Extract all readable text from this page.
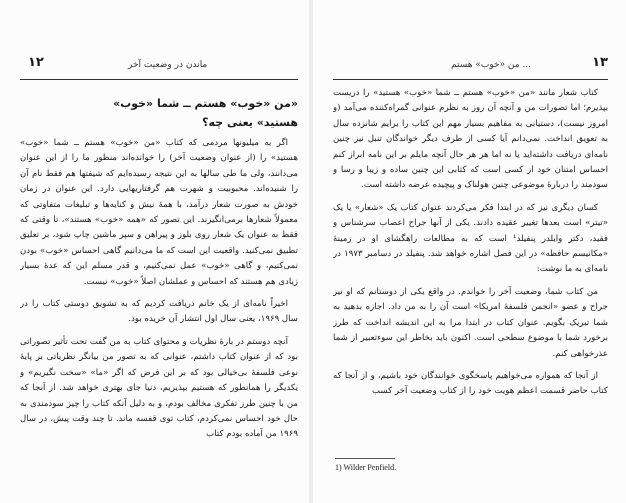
۱۲	ماندن در وضعیت آخر
«من «خوب» هستم ــ شما «خوب» هستید» یعنی چه؟

اگر به میلیونها مردمی که کتاب «من «خوب» هستم ــ شما «خوب» هستید» را (از عنوان وضعیت آخر) را خوانده‌اند منظور ما را از این عنوان می‌دانند، ولی ما طی سالها به این نتیجه رسیده‌ایم که شیفتها هم فقط نام آن را شنیده‌اند. محبوبیت و شهرت هم گرفتاریهایی دارد. این عنوان در زمان خودش به صورت شعار درآمد، با همهٔ نیش و کنایه‌ها و تبلیغات متفاوتی که معمولاً شعارها برمی‌انگیزند. این تصور که «همه «خوب» هستند»، تا وقتی که فقط به عنوان یک شعار روی بلوز و پیراهن و سپر ماشین چاپ شود، بر تعلیق تطبیق نمی‌کنید. واقعیت این است که ما می‌دانیم گاهی احساس «خوب» بودن نمی‌کنیم، و گاهی «خوب» عمل نمی‌کنیم، و قدر مسلم این که عدهٔ بسیار زیادی هم هستند که احساس و عملشان اصلاً «خوب» نیست.

اخیراً نامه‌ای از یک خانم دریافت کردیم که به تشویق دوستی کتاب را در سال ۱۹۶۹، یعنی سال اول انتشار آن خریده بود.

آنچه دوستم در بارهٔ نظریات و محتوای کتاب به من گفت تحت تأثیر تصوراتی بود که از عنوان کتاب داشتم، عنوانی که به تصور من بیانگر نظریاتی بر پایهٔ نوعی فلسفهٔ بی‌خیالی بود که بر این فرض که اگر «ما» «سخت نگیریم» و یکدیگر را همانطور که هستیم بپذیریم، دنیا جای بهتری خواهد شد. از آنجا که من با چنین طرز تفکری مخالف بودم، و به دلیل آنکه کتاب را چیز سودمندی به حال خود احساس نمی‌کردم، کتاب توی قفسه ماند. تا چند وقت پیش، در سال ۱۹۶۹ من آماده بودم کتاب

۱۳
من «خوب» هستم ...

کتاب شعار مانند «من «خوب» هستم ــ شما «خوب» هستید» را دریست بپذیرم؛ اما تصورات من و آنچه آن روز به نظرم عنوانی گمراه‌کننده می‌آمد (و امروز نیست)، دستیابی به مفاهیم بسیار مهم این کتاب را برایم شانزده سال به تعویق انداخت. نمی‌دانم آیا کسی از طرف دیگر خواندگان تنبل نیز چنین نامه‌ای دریافت داشته‌اید یا نه اما هر هر حال آنچه مایلم بر این نامه ابراز کنم احساس امتنان خود از کسی است که کتابی این چنین ساده و زیبا و رسا و سودمند را دربارهٔ موضوعی چنین هولناک و پیچیده عرضه داشته است.

کسان دیگری نیز که در ابتدا فکر می‌کردند عنوان کتاب یک «شعار» یا یک «تیتر» است بعدها تغییر عقیده دادند. یکی از آنها جراح اعصاب سرشناس و فقید، دکتر وایلدر پنفیلد¹ است که به مطالعات راهگشای او در زمینهٔ «مکانیسم حافظه» در این فصل اشاره خواهد شد. پنفیلد در دسامبر ۱۹۷۳ در نامه‌ای به ما نوشت:

من کتاب شما، وضعیت آخر را خواندم. در واقع یکی از دوستانم که او نیز جراح و عضو «انجمن فلسفهٔ امریکا» است آن را به من داد. اجازه بدهید به شما تبریک بگویم. عنوان کتاب در ابتدا مرا به این اندیشه انداخت که طرز برخورد شما با موضوع سطحی است. اکنون باید بخاطر این سوءتعبیر از شما عذرخواهی کنم.

از آنجا که همواره می‌خواهیم پاسخگوی خوانندگان خود باشیم، و از آنجا که کتاب حاضر قسمت اعظم هویت خود را از کتاب وضعیت آخر کسب

1) Wilder Penfield.
